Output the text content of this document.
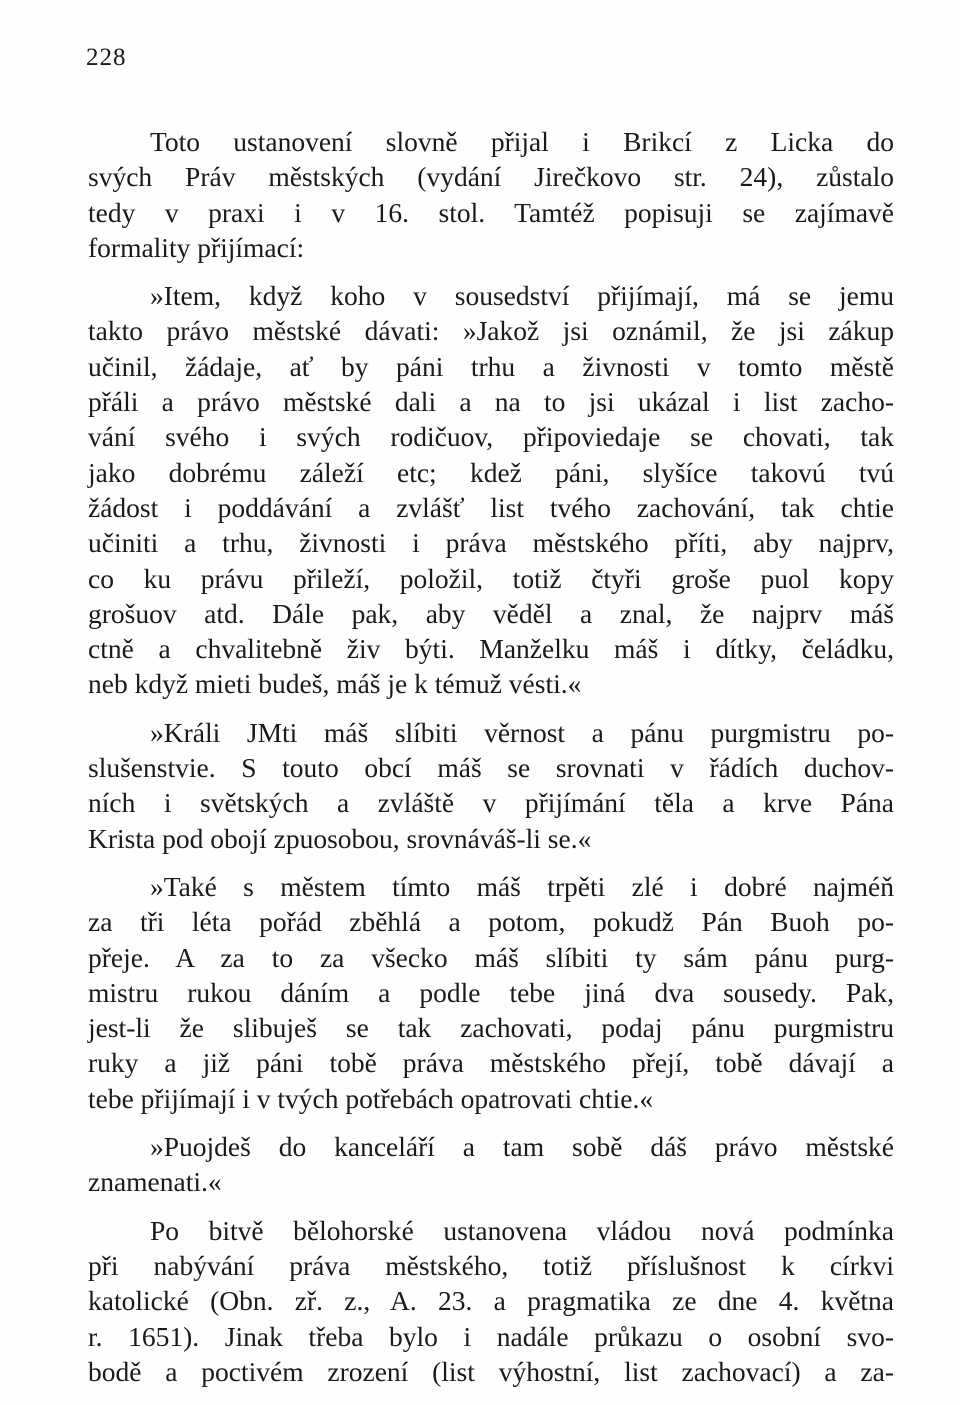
228

Toto ustanovení slovně přijal i Brikcí z Licka do
svých Práv městských (vydání Jirečkovo str. 24), zůstalo
tedy v praxi i v 16. stol. Tamtéž popisuji se zajímavě
formality přijímací:

»Item, když koho v sousedství přijímají, má se jemu
takto právo městské dávati: »Jakož jsi oznámil, že jsi zákup
učinil, žádaje, ať by páni trhu a živnosti v tomto městě
přáli a právo městské dali a na to jsi ukázal i list zacho-
vání svého i svých rodičuov, připoviedaje se chovati, tak
jako dobrému záleží etc; kdež páni, slyšíce takovú tvú
žádost i poddávání a zvlášť list tvého zachování, tak chtie
učiniti a trhu, živnosti i práva městského příti, aby najprv,
co ku právu přileží, položil, totiž čtyři groše puol kopy
grošuov atd. Dále pak, aby věděl a znal, že najprv máš
ctně a chvalitebně živ býti. Manželku máš i dítky, čeládku,
neb když mieti budeš, máš je k témuž vésti.«

»Králi JMti máš slíbiti věrnost a pánu purgmistru po-
slušenstvie. S touto obcí máš se srovnati v řádích duchov-
ních i světských a zvláště v přijímání těla a krve Pána
Krista pod obojí zpuosobou, srovnáváš-li se.«

»Také s městem tímto máš trpěti zlé i dobré najméň
za tři léta pořád zběhlá a potom, pokudž Pán Buoh po-
přeje. A za to za všecko máš slíbiti ty sám pánu purg-
mistru rukou dáním a podle tebe jiná dva sousedy. Pak,
jest-li že slibuješ se tak zachovati, podaj pánu purgmistru
ruky a již páni tobě práva městského přejí, tobě dávají a
tebe přijímají i v tvých potřebách opatrovati chtie.«

»Puojdeš do kanceláří a tam sobě dáš právo městské
znamenati.«

Po bitvě bělohorské ustanovena vládou nová podmínka
při nabývání práva městského, totiž příslušnost k církvi
katolické (Obn. zř. z., A. 23. a pragmatika ze dne 4. května
r. 1651). Jinak třeba bylo i nadále průkazu o osobní svo-
bodě a poctivém zrození (list výhostní, list zachovací) a za-
